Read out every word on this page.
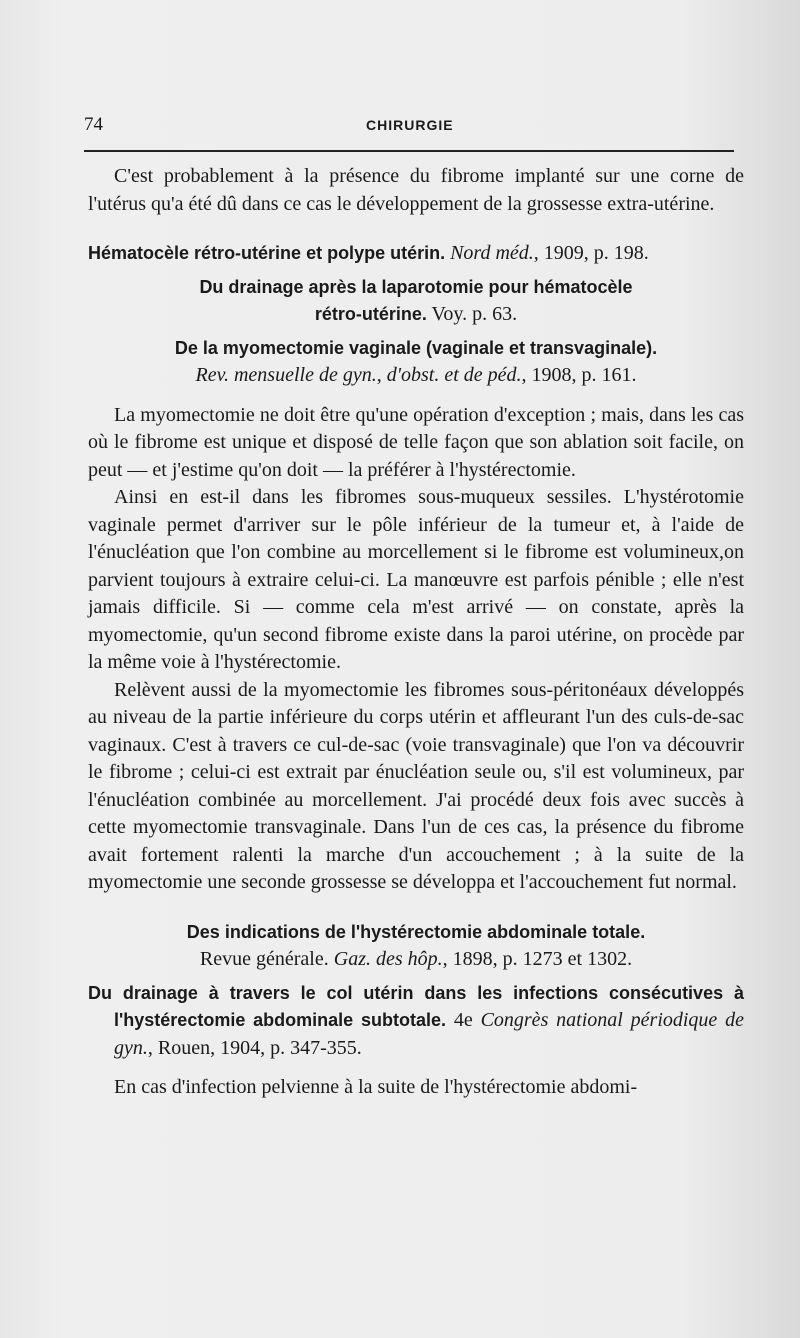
74	CHIRURGIE

C'est probablement à la présence du fibrome implanté sur une corne de l'utérus qu'a été dû dans ce cas le développement de la grossesse extra-utérine.

Hématocèle rétro-utérine et polype utérin. Nord méd., 1909, p. 198.
Du drainage après la laparotomie pour hématocèle
rétro-utérine. Voy. p. 63.
De la myomectomie vaginale (vaginale et transvaginale).
Rev. mensuelle de gyn., d'obst. et de péd., 1908, p. 161.

La myomectomie ne doit être qu'une opération d'exception ; mais, dans les cas où le fibrome est unique et disposé de telle façon que son ablation soit facile, on peut — et j'estime qu'on doit — la préférer à l'hystérectomie.

Ainsi en est-il dans les fibromes sous-muqueux sessiles. L'hystérotomie vaginale permet d'arriver sur le pôle inférieur de la tumeur et, à l'aide de l'énucléation que l'on combine au morcellement si le fibrome est volumineux,on parvient toujours à extraire celui-ci. La manœuvre est parfois pénible ; elle n'est jamais difficile. Si — comme cela m'est arrivé — on constate, après la myomectomie, qu'un second fibrome existe dans la paroi utérine, on procède par la même voie à l'hystérectomie.

Relèvent aussi de la myomectomie les fibromes sous-péritonéaux développés au niveau de la partie inférieure du corps utérin et affleurant l'un des culs-de-sac vaginaux. C'est à travers ce cul-de-sac (voie transvaginale) que l'on va découvrir le fibrome ; celui-ci est extrait par énucléation seule ou, s'il est volumineux, par l'énucléation combinée au morcellement. J'ai procédé deux fois avec succès à cette myomectomie transvaginale. Dans l'un de ces cas, la présence du fibrome avait fortement ralenti la marche d'un accouchement ; à la suite de la myomectomie une seconde grossesse se développa et l'accouchement fut normal.

Des indications de l'hystérectomie abdominale totale.
Revue générale. Gaz. des hôp., 1898, p. 1273 et 1302.
Du drainage à travers le col utérin dans les infections consécutives à l'hystérectomie abdominale subtotale. 4e Congrès national périodique de gyn., Rouen, 1904, p. 347-355.

En cas d'infection pelvienne à la suite de l'hystérectomie abdomi-
